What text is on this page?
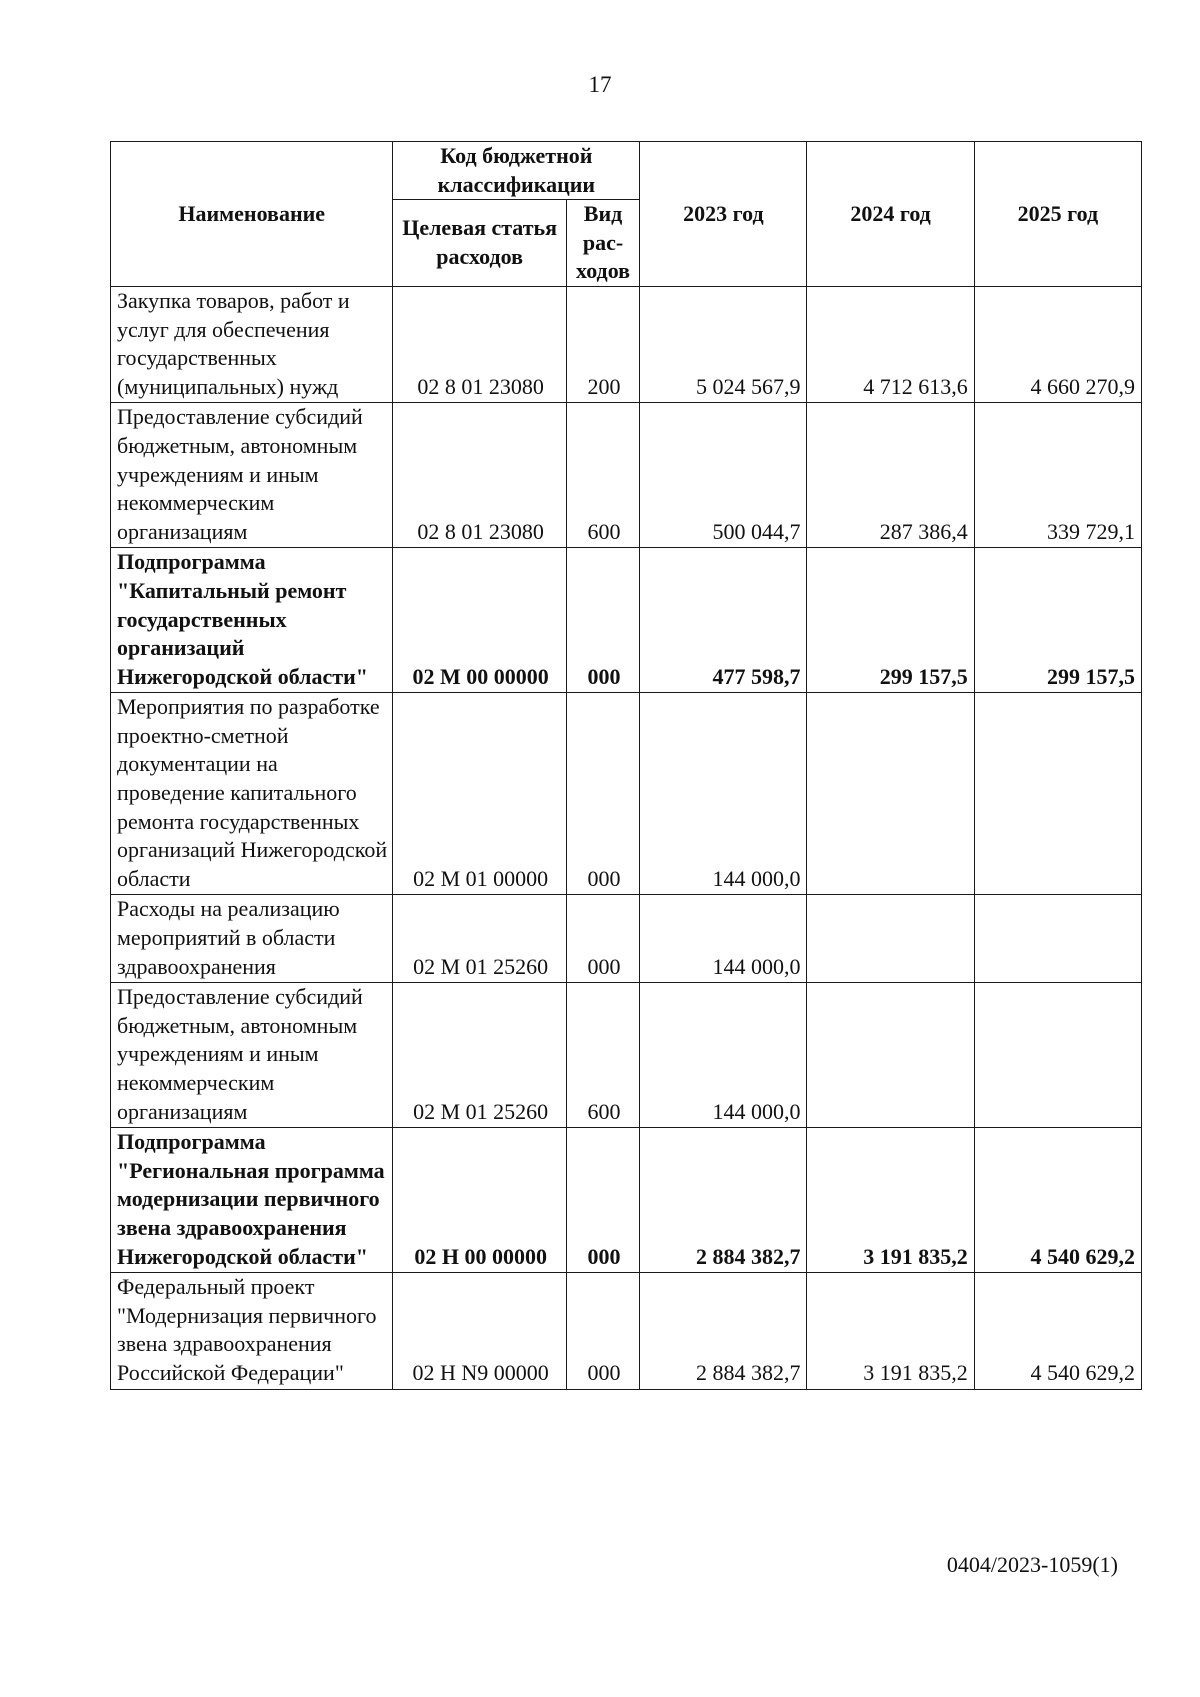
17
Наименование	Код бюджетной классификации		2023 год	2024 год	2025 год
	Целевая статья расходов	Вид рас-ходов			
Закупка товаров, работ и услуг для обеспечения государственных (муниципальных) нужд	02 8 01 23080	200	5 024 567,9	4 712 613,6	4 660 270,9
Предоставление субсидий бюджетным, автономным учреждениям и иным некоммерческим организациям	02 8 01 23080	600	500 044,7	287 386,4	339 729,1
Подпрограмма "Капитальный ремонт государственных организаций Нижегородской области"	02 М 00 00000	000	477 598,7	299 157,5	299 157,5
Мероприятия по разработке проектно-сметной документации на проведение капитального ремонта государственных организаций Нижегородской области	02 М 01 00000	000	144 000,0		
Расходы на реализацию мероприятий в области здравоохранения	02 М 01 25260	000	144 000,0		
Предоставление субсидий бюджетным, автономным учреждениям и иным некоммерческим организациям	02 М 01 25260	600	144 000,0		
Подпрограмма "Региональная программа модернизации первичного звена здравоохранения Нижегородской области"	02 Н 00 00000	000	2 884 382,7	3 191 835,2	4 540 629,2
Федеральный проект "Модернизация первичного звена здравоохранения Российской Федерации"	02 Н N9 00000	000	2 884 382,7	3 191 835,2	4 540 629,2
0404/2023-1059(1)
